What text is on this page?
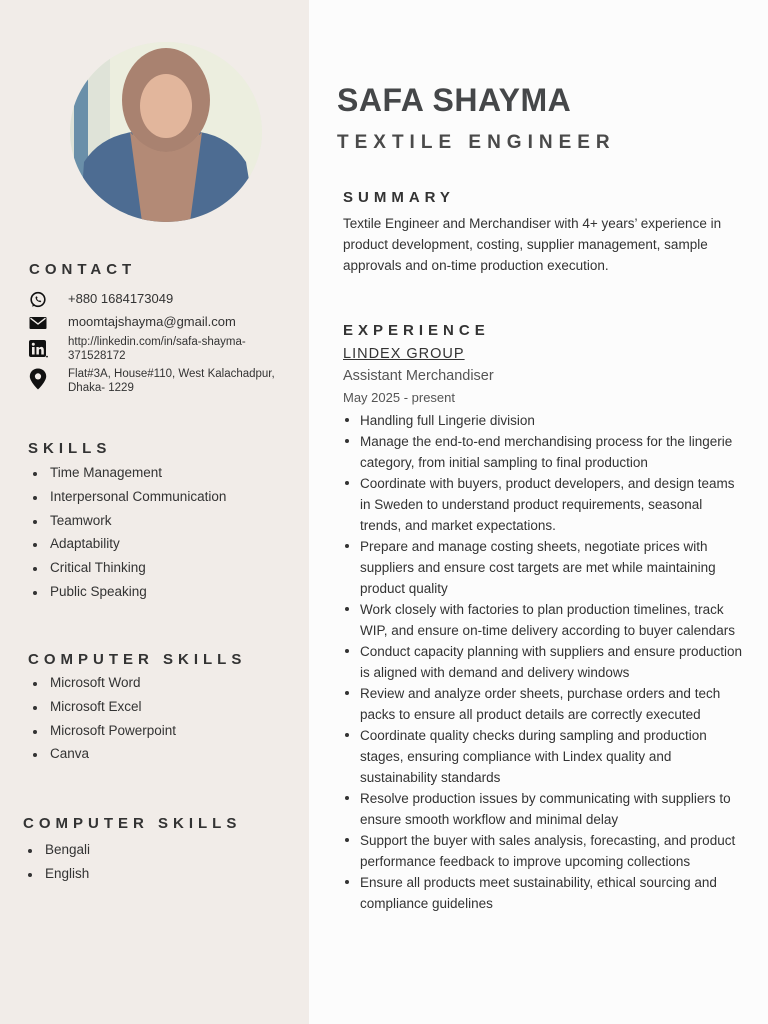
CONTACT
+880 1684173049
moomtajshayma@gmail.com
http://linkedin.com/in/safa-shayma-371528172
Flat#3A, House#110, West Kalachadpur, Dhaka- 1229
SKILLS
Time Management
Interpersonal Communication
Teamwork
Adaptability
Critical Thinking
Public Speaking
COMPUTER SKILLS
Microsoft Word
Microsoft Excel
Microsoft Powerpoint
Canva
COMPUTER SKILLS
Bengali
English
SAFA SHAYMA
TEXTILE ENGINEER
SUMMARY

Textile Engineer and Merchandiser with 4+ years’ experience in product development, costing, supplier management, sample approvals and on-time production execution.

EXPERIENCE
LINDEX GROUP
Assistant Merchandiser
May 2025 - present
Handling full Lingerie division
Manage the end-to-end merchandising process for the lingerie category, from initial sampling to final production
Coordinate with buyers, product developers, and design teams in Sweden to understand product requirements, seasonal trends, and market expectations.
Prepare and manage costing sheets, negotiate prices with suppliers and ensure cost targets are met while maintaining product quality
Work closely with factories to plan production timelines, track WIP, and ensure on-time delivery according to buyer calendars
Conduct capacity planning with suppliers and ensure production is aligned with demand and delivery windows
Review and analyze order sheets, purchase orders and tech packs to ensure all product details are correctly executed
Coordinate quality checks during sampling and production stages, ensuring compliance with Lindex quality and sustainability standards
Resolve production issues by communicating with suppliers to ensure smooth workflow and minimal delay
Support the buyer with sales analysis, forecasting, and product performance feedback to improve upcoming collections
Ensure all products meet sustainability, ethical sourcing and compliance guidelines
